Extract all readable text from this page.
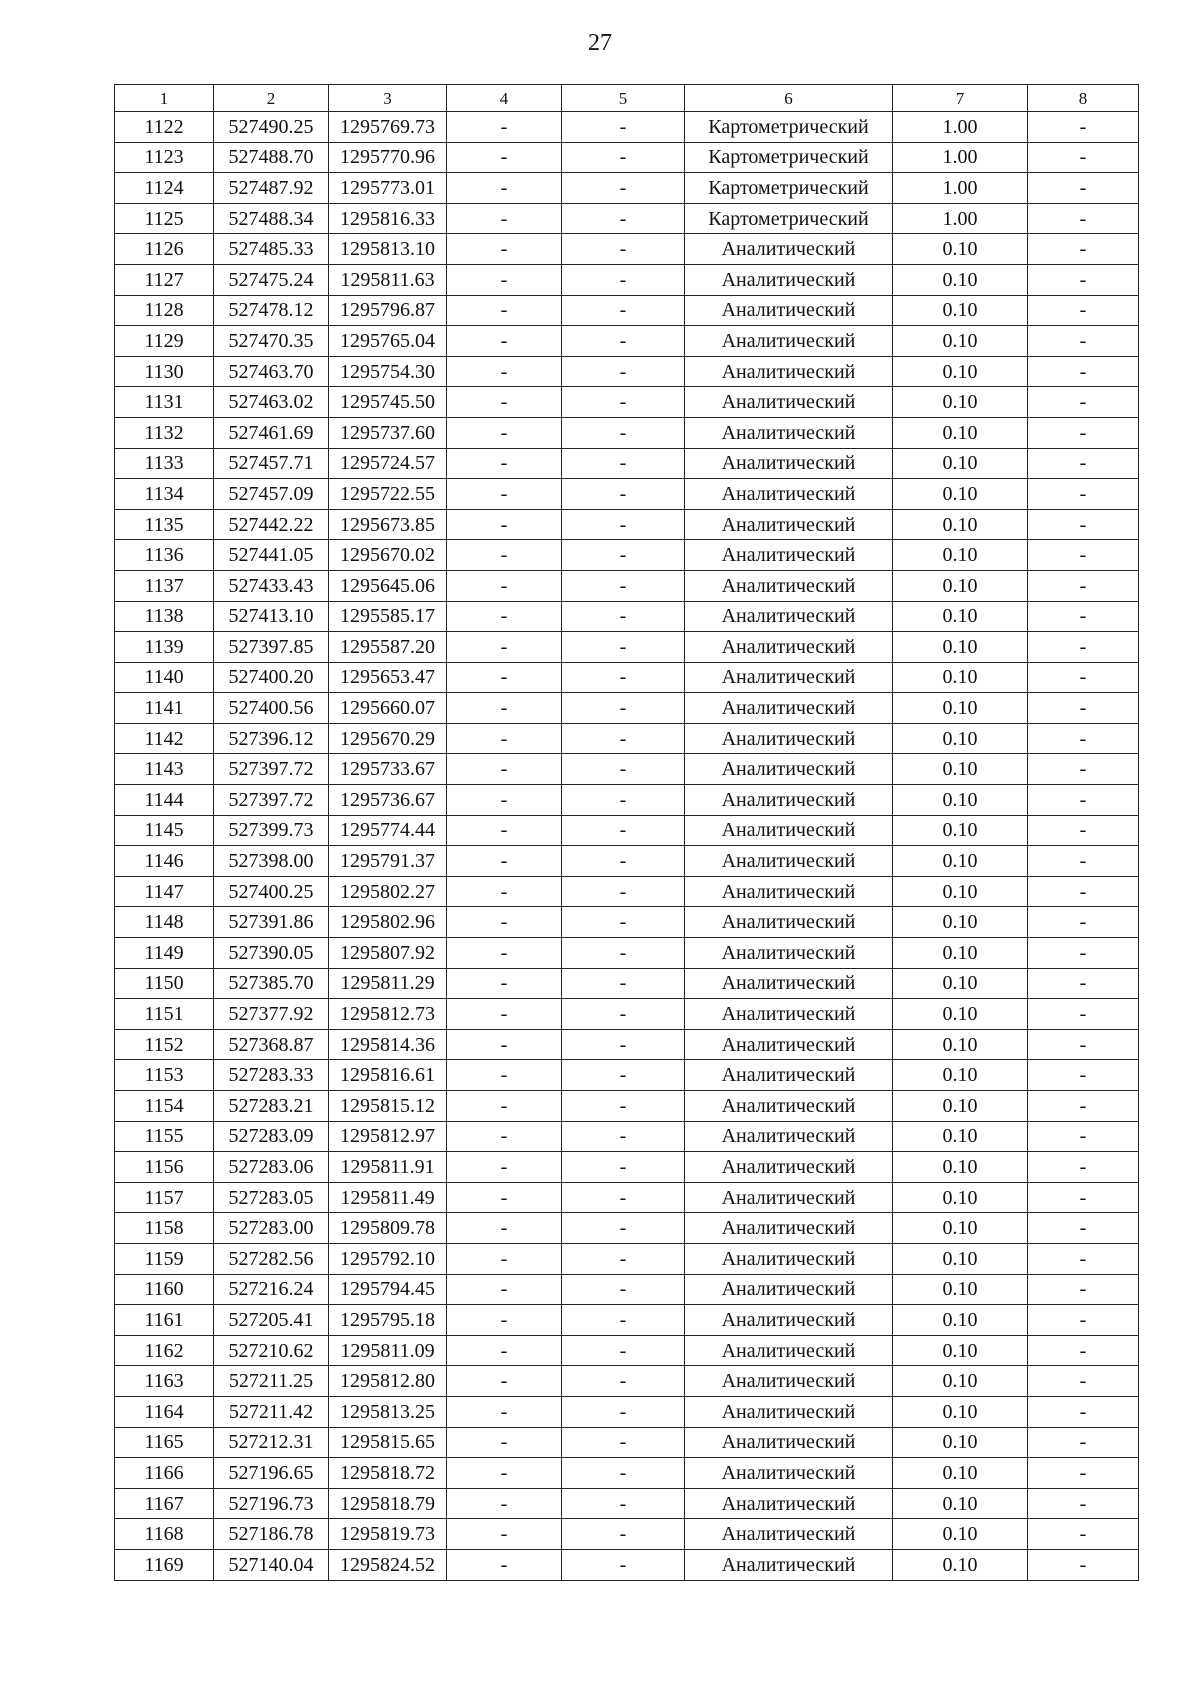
27
1	2	3	4	5	6	7	8
1122	527490.25	1295769.73	-	-	Картометрический	1.00	-
1123	527488.70	1295770.96	-	-	Картометрический	1.00	-
1124	527487.92	1295773.01	-	-	Картометрический	1.00	-
1125	527488.34	1295816.33	-	-	Картометрический	1.00	-
1126	527485.33	1295813.10	-	-	Аналитический	0.10	-
1127	527475.24	1295811.63	-	-	Аналитический	0.10	-
1128	527478.12	1295796.87	-	-	Аналитический	0.10	-
1129	527470.35	1295765.04	-	-	Аналитический	0.10	-
1130	527463.70	1295754.30	-	-	Аналитический	0.10	-
1131	527463.02	1295745.50	-	-	Аналитический	0.10	-
1132	527461.69	1295737.60	-	-	Аналитический	0.10	-
1133	527457.71	1295724.57	-	-	Аналитический	0.10	-
1134	527457.09	1295722.55	-	-	Аналитический	0.10	-
1135	527442.22	1295673.85	-	-	Аналитический	0.10	-
1136	527441.05	1295670.02	-	-	Аналитический	0.10	-
1137	527433.43	1295645.06	-	-	Аналитический	0.10	-
1138	527413.10	1295585.17	-	-	Аналитический	0.10	-
1139	527397.85	1295587.20	-	-	Аналитический	0.10	-
1140	527400.20	1295653.47	-	-	Аналитический	0.10	-
1141	527400.56	1295660.07	-	-	Аналитический	0.10	-
1142	527396.12	1295670.29	-	-	Аналитический	0.10	-
1143	527397.72	1295733.67	-	-	Аналитический	0.10	-
1144	527397.72	1295736.67	-	-	Аналитический	0.10	-
1145	527399.73	1295774.44	-	-	Аналитический	0.10	-
1146	527398.00	1295791.37	-	-	Аналитический	0.10	-
1147	527400.25	1295802.27	-	-	Аналитический	0.10	-
1148	527391.86	1295802.96	-	-	Аналитический	0.10	-
1149	527390.05	1295807.92	-	-	Аналитический	0.10	-
1150	527385.70	1295811.29	-	-	Аналитический	0.10	-
1151	527377.92	1295812.73	-	-	Аналитический	0.10	-
1152	527368.87	1295814.36	-	-	Аналитический	0.10	-
1153	527283.33	1295816.61	-	-	Аналитический	0.10	-
1154	527283.21	1295815.12	-	-	Аналитический	0.10	-
1155	527283.09	1295812.97	-	-	Аналитический	0.10	-
1156	527283.06	1295811.91	-	-	Аналитический	0.10	-
1157	527283.05	1295811.49	-	-	Аналитический	0.10	-
1158	527283.00	1295809.78	-	-	Аналитический	0.10	-
1159	527282.56	1295792.10	-	-	Аналитический	0.10	-
1160	527216.24	1295794.45	-	-	Аналитический	0.10	-
1161	527205.41	1295795.18	-	-	Аналитический	0.10	-
1162	527210.62	1295811.09	-	-	Аналитический	0.10	-
1163	527211.25	1295812.80	-	-	Аналитический	0.10	-
1164	527211.42	1295813.25	-	-	Аналитический	0.10	-
1165	527212.31	1295815.65	-	-	Аналитический	0.10	-
1166	527196.65	1295818.72	-	-	Аналитический	0.10	-
1167	527196.73	1295818.79	-	-	Аналитический	0.10	-
1168	527186.78	1295819.73	-	-	Аналитический	0.10	-
1169	527140.04	1295824.52	-	-	Аналитический	0.10	-
